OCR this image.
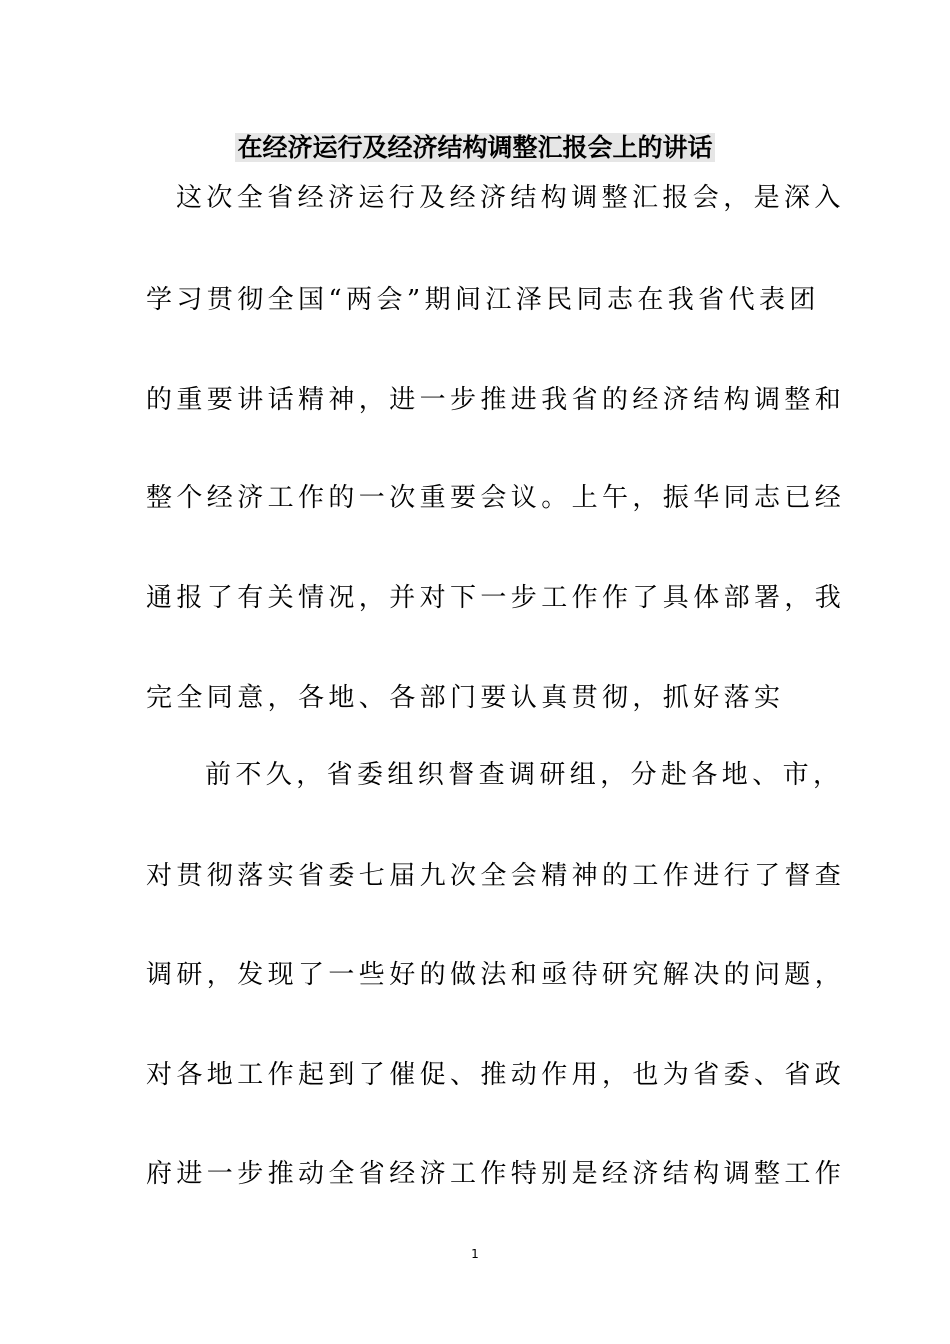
在经济运行及经济结构调整汇报会上的讲话
这次全省经济运行及经济结构调整汇报会，是深入
学习贯彻全国“两会”期间江泽民同志在我省代表团
的重要讲话精神，进一步推进我省的经济结构调整和
整个经济工作的一次重要会议。上午，振华同志已经
通报了有关情况，并对下一步工作作了具体部署，我
完全同意，各地、各部门要认真贯彻，抓好落实
前不久，省委组织督查调研组，分赴各地、市，
对贯彻落实省委七届九次全会精神的工作进行了督查
调研，发现了一些好的做法和亟待研究解决的问题，
对各地工作起到了催促、推动作用，也为省委、省政
府进一步推动全省经济工作特别是经济结构调整工作
1
